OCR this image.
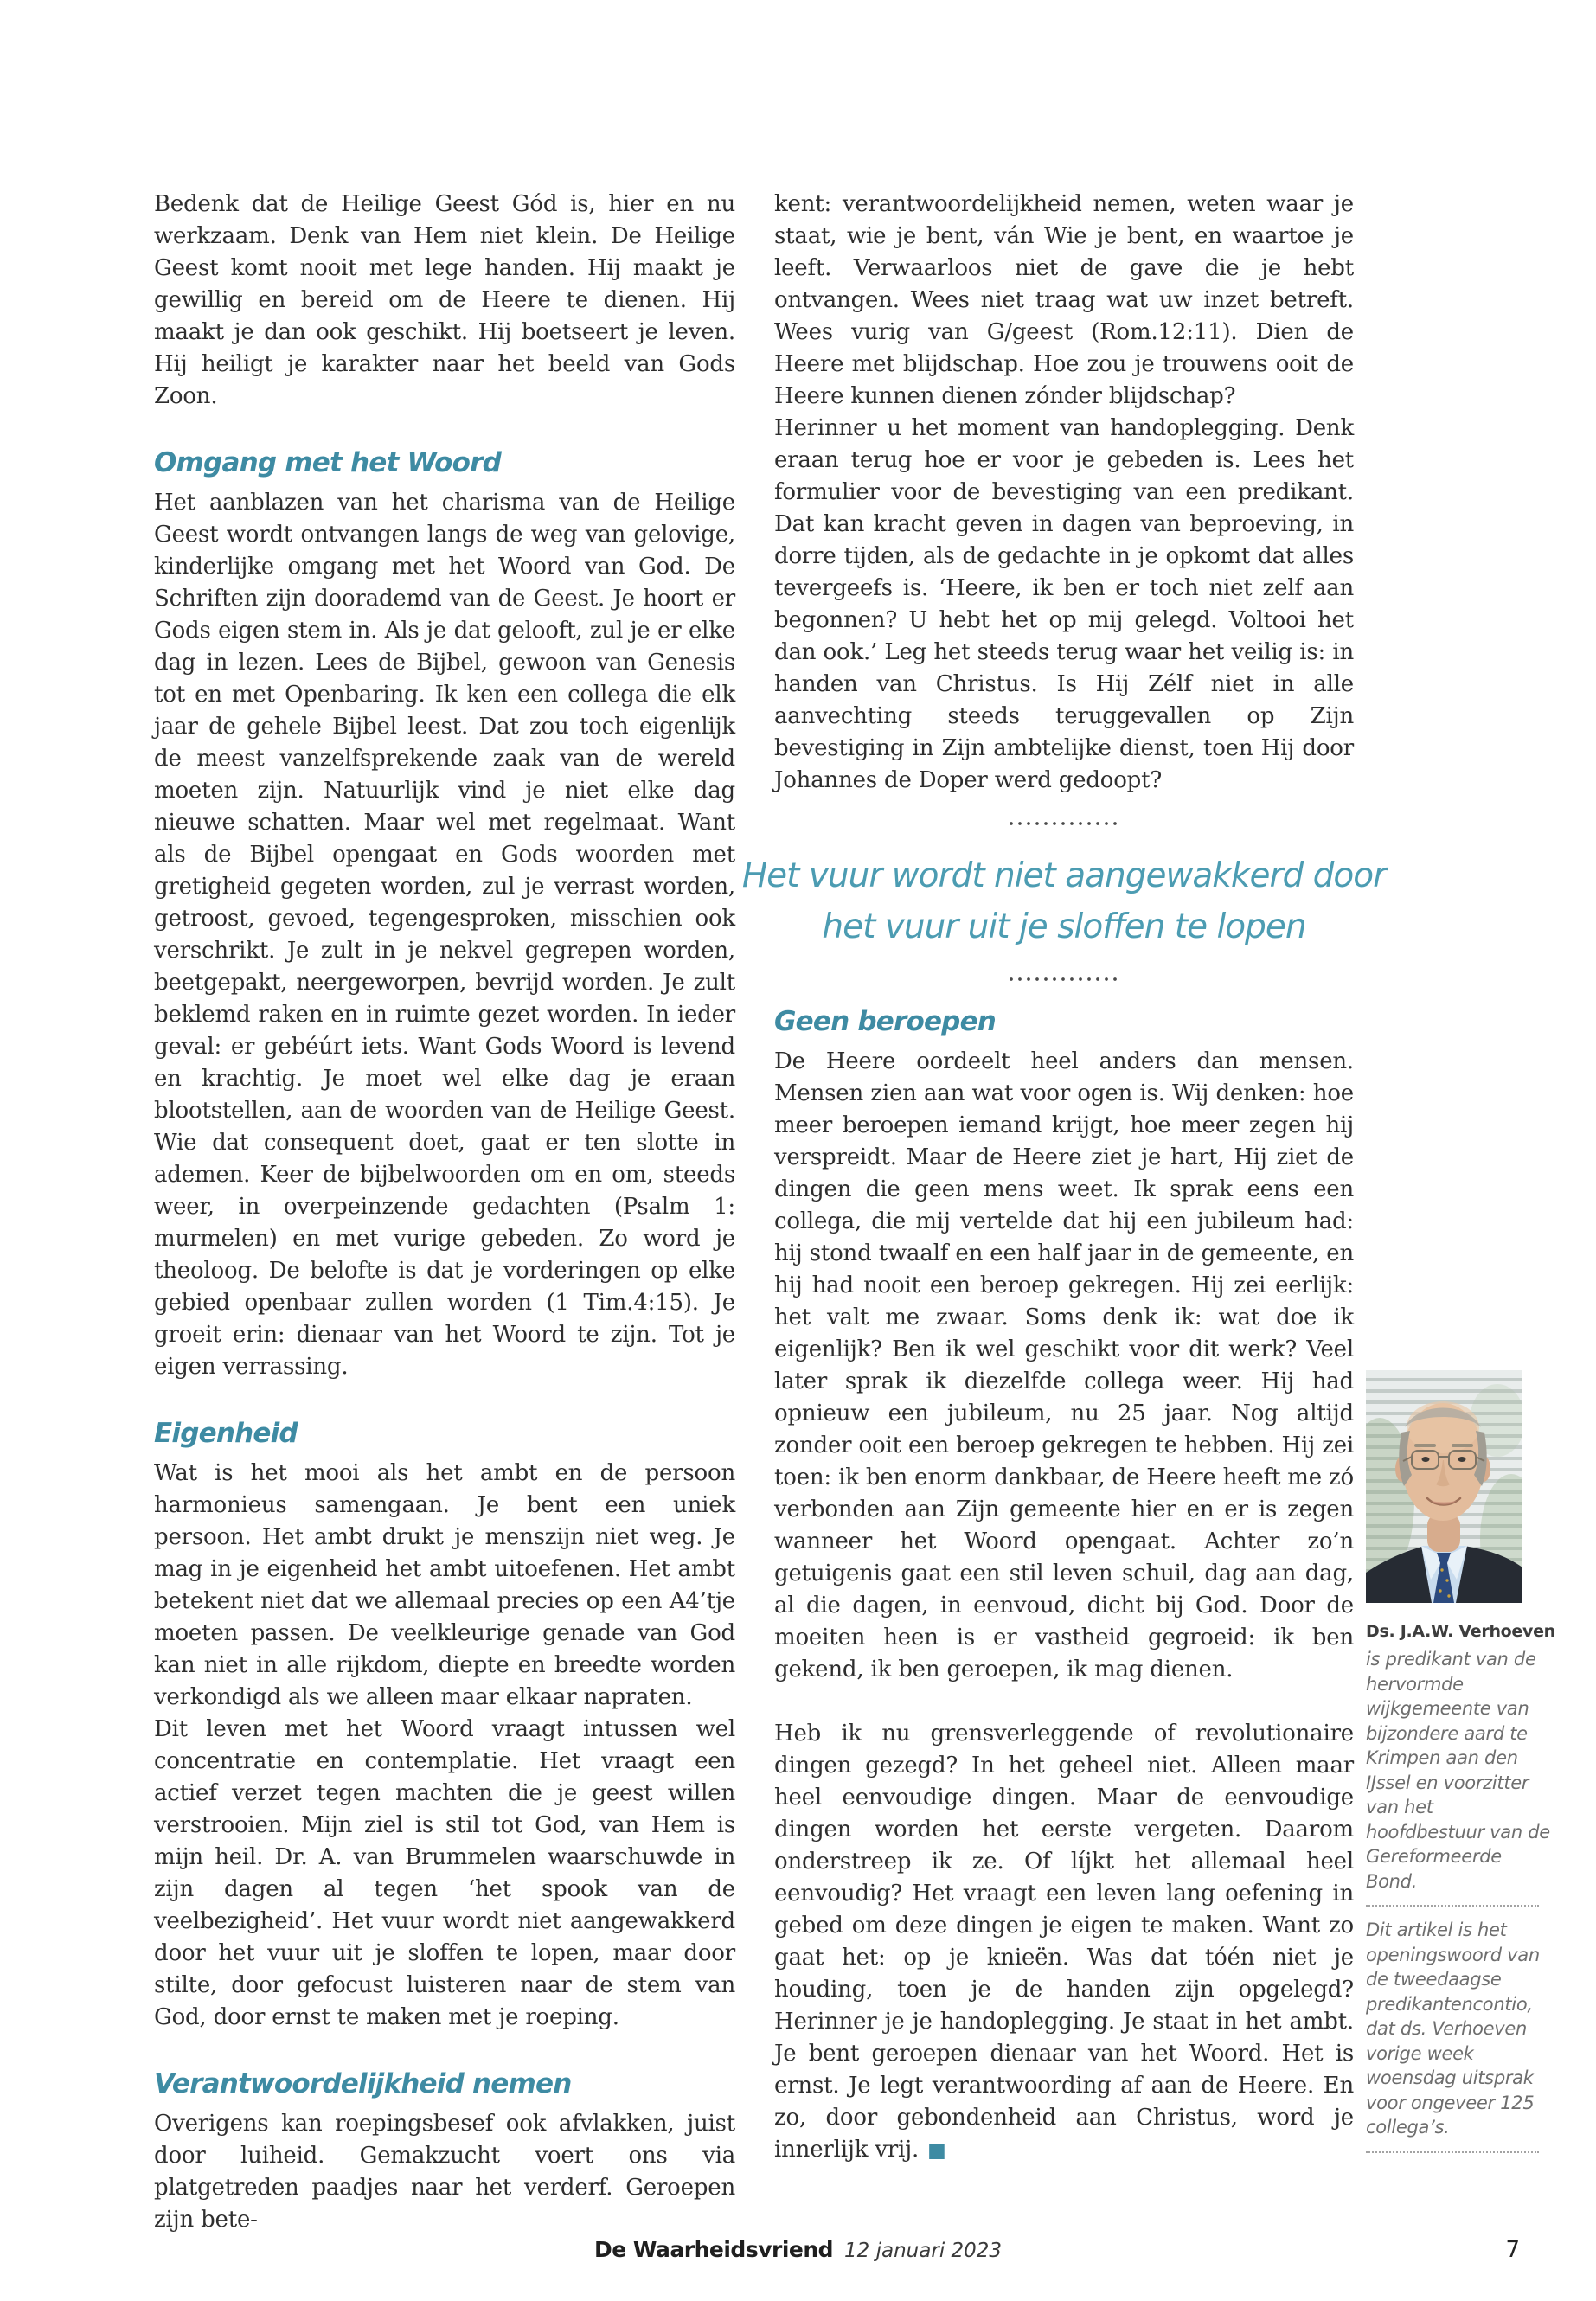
Bedenk dat de Heilige Geest Gód is, hier en nu werkzaam. Denk van Hem niet klein. De Heilige Geest komt nooit met lege handen. Hij maakt je gewillig en bereid om de Heere te dienen. Hij maakt je dan ook geschikt. Hij boetseert je leven. Hij heiligt je karakter naar het beeld van Gods Zoon.

Omgang met het Woord

Het aanblazen van het charisma van de Heilige Geest wordt ontvangen langs de weg van gelovige, kinderlijke omgang met het Woord van God. De Schriften zijn doorademd van de Geest. Je hoort er Gods eigen stem in. Als je dat gelooft, zul je er elke dag in lezen. Lees de Bijbel, gewoon van Genesis tot en met Openbaring. Ik ken een collega die elk jaar de gehele Bijbel leest. Dat zou toch eigenlijk de meest vanzelfsprekende zaak van de wereld moeten zijn. Natuurlijk vind je niet elke dag nieuwe schatten. Maar wel met regelmaat. Want als de Bijbel opengaat en Gods woorden met gretigheid gegeten worden, zul je verrast worden, getroost, gevoed, tegengesproken, misschien ook verschrikt. Je zult in je nekvel gegrepen worden, beetgepakt, neergeworpen, bevrijd worden. Je zult beklemd raken en in ruimte gezet worden. In ieder geval: er gebéúrt iets. Want Gods Woord is levend en krachtig. Je moet wel elke dag je eraan blootstellen, aan de woorden van de Heilige Geest. Wie dat consequent doet, gaat er ten slotte in ademen. Keer de bijbelwoorden om en om, steeds weer, in overpeinzende gedachten (Psalm 1: murmelen) en met vurige gebeden. Zo word je theoloog. De belofte is dat je vorderingen op elke gebied openbaar zullen worden (1 Tim.4:15). Je groeit erin: dienaar van het Woord te zijn. Tot je eigen verrassing.

Eigenheid

Wat is het mooi als het ambt en de persoon harmonieus samengaan. Je bent een uniek persoon. Het ambt drukt je menszijn niet weg. Je mag in je eigenheid het ambt uitoefenen. Het ambt betekent niet dat we allemaal precies op een A4’tje moeten passen. De veelkleurige genade van God kan niet in alle rijkdom, diepte en breedte worden verkondigd als we alleen maar elkaar napraten.

Dit leven met het Woord vraagt intussen wel concentratie en contemplatie. Het vraagt een actief verzet tegen machten die je geest willen verstrooien. Mijn ziel is stil tot God, van Hem is mijn heil. Dr. A. van Brummelen waarschuwde in zijn dagen al tegen ‘het spook van de veelbezigheid’. Het vuur wordt niet aangewakkerd door het vuur uit je sloffen te lopen, maar door stilte, door gefocust luisteren naar de stem van God, door ernst te maken met je roeping.

Verantwoordelijkheid nemen

Overigens kan roepingsbesef ook afvlakken, juist door luiheid. Gemakzucht voert ons via platgetreden paadjes naar het verderf. Geroepen zijn bete-

kent: verantwoordelijkheid nemen, weten waar je staat, wie je bent, ván Wie je bent, en waartoe je leeft. Verwaarloos niet de gave die je hebt ontvangen. Wees niet traag wat uw inzet betreft. Wees vurig van G/geest (Rom.12:11). Dien de Heere met blijdschap. Hoe zou je trouwens ooit de Heere kunnen dienen zónder blijdschap?

Herinner u het moment van handoplegging. Denk eraan terug hoe er voor je gebeden is. Lees het formulier voor de bevestiging van een predikant. Dat kan kracht geven in dagen van beproeving, in dorre tijden, als de gedachte in je opkomt dat alles tevergeefs is. ‘Heere, ik ben er toch niet zelf aan begonnen? U hebt het op mij gelegd. Voltooi het dan ook.’ Leg het steeds terug waar het veilig is: in handen van Christus. Is Hij Zélf niet in alle aanvechting steeds teruggevallen op Zijn bevestiging in Zijn ambtelijke dienst, toen Hij door Johannes de Doper werd gedoopt?

Het vuur wordt niet aangewakkerd door
het vuur uit je sloffen te lopen
Geen beroepen

De Heere oordeelt heel anders dan mensen. Mensen zien aan wat voor ogen is. Wij denken: hoe meer beroepen iemand krijgt, hoe meer zegen hij verspreidt. Maar de Heere ziet je hart, Hij ziet de dingen die geen mens weet. Ik sprak eens een collega, die mij vertelde dat hij een jubileum had: hij stond twaalf en een half jaar in de gemeente, en hij had nooit een beroep gekregen. Hij zei eerlijk: het valt me zwaar. Soms denk ik: wat doe ik eigenlijk? Ben ik wel geschikt voor dit werk? Veel later sprak ik diezelfde collega weer. Hij had opnieuw een jubileum, nu 25 jaar. Nog altijd zonder ooit een beroep gekregen te hebben. Hij zei toen: ik ben enorm dankbaar, de Heere heeft me zó verbonden aan Zijn gemeente hier en er is zegen wanneer het Woord opengaat. Achter zo’n getuigenis gaat een stil leven schuil, dag aan dag, al die dagen, in eenvoud, dicht bij God. Door de moeiten heen is er vastheid gegroeid: ik ben gekend, ik ben geroepen, ik mag dienen.

Heb ik nu grensverleggende of revolutionaire dingen gezegd? In het geheel niet. Alleen maar heel eenvoudige dingen. Maar de eenvoudige dingen worden het eerste vergeten. Daarom onderstreep ik ze. Of líjkt het allemaal heel eenvoudig? Het vraagt een leven lang oefening in gebed om deze dingen je eigen te maken. Want zo gaat het: op je knieën. Was dat tóén niet je houding, toen je de handen zijn opgelegd? Herinner je je handoplegging. Je staat in het ambt. Je bent geroepen dienaar van het Woord. Het is ernst. Je legt verantwoording af aan de Heere. En zo, door gebondenheid aan Christus, word je innerlijk vrij. ■

Ds. J.A.W. Verhoeven
is predikant van de hervormde wijkgemeente van bijzondere aard te Krimpen aan den IJssel en voorzitter van het hoofdbestuur van de Gereformeerde Bond.
Dit artikel is het openingswoord van de tweedaagse predikantencontio, dat ds. Verhoeven vorige week woensdag uitsprak voor ongeveer 125 collega’s.
De Waarheidsvriend 12 januari 2023	7
